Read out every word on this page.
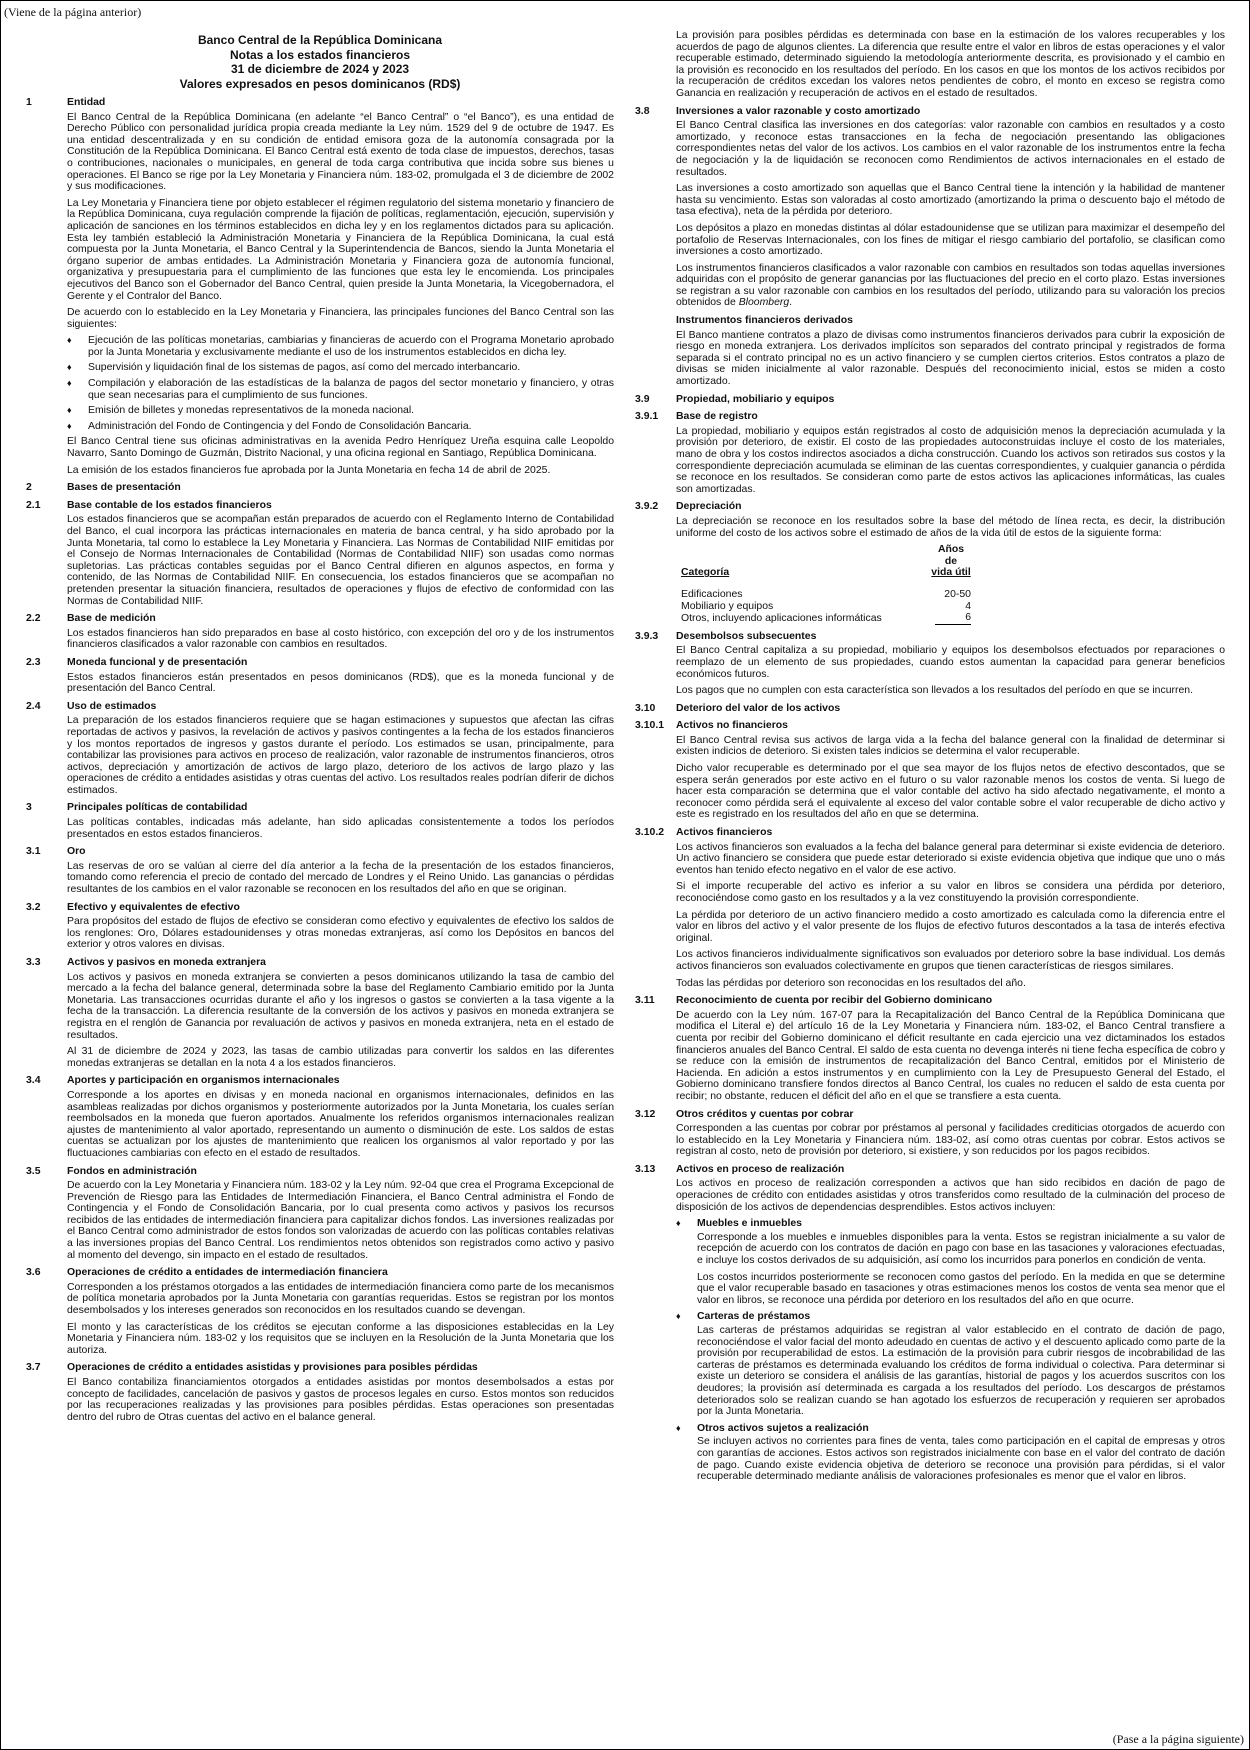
(Viene de la página anterior)
(Pase a la página siguiente)
Banco Central de la República Dominicana
Notas a los estados financieros
31 de diciembre de 2024 y 2023
Valores expresados en pesos dominicanos (RD$)
1	Entidad
El Banco Central de la República Dominicana (en adelante “el Banco Central” o “el Banco”), es una entidad de Derecho Público con personalidad jurídica propia creada mediante la Ley núm. 1529 del 9 de octubre de 1947. Es una entidad descentralizada y en su condición de entidad emisora goza de la autonomía consagrada por la Constitución de la República Dominicana. El Banco Central está exento de toda clase de impuestos, derechos, tasas o contribuciones, nacionales o municipales, en general de toda carga contributiva que incida sobre sus bienes u operaciones. El Banco se rige por la Ley Monetaria y Financiera núm. 183-02, promulgada el 3 de diciembre de 2002 y sus modificaciones.
La Ley Monetaria y Financiera tiene por objeto establecer el régimen regulatorio del sistema monetario y financiero de la República Dominicana, cuya regulación comprende la fijación de políticas, reglamentación, ejecución, supervisión y aplicación de sanciones en los términos establecidos en dicha ley y en los reglamentos dictados para su aplicación. Esta ley también estableció la Administración Monetaria y Financiera de la República Dominicana, la cual está compuesta por la Junta Monetaria, el Banco Central y la Superintendencia de Bancos, siendo la Junta Monetaria el órgano superior de ambas entidades. La Administración Monetaria y Financiera goza de autonomía funcional, organizativa y presupuestaria para el cumplimiento de las funciones que esta ley le encomienda. Los principales ejecutivos del Banco son el Gobernador del Banco Central, quien preside la Junta Monetaria, la Vicegobernadora, el Gerente y el Contralor del Banco.
De acuerdo con lo establecido en la Ley Monetaria y Financiera, las principales funciones del Banco Central son las siguientes:
♦	Ejecución de las políticas monetarias, cambiarias y financieras de acuerdo con el Programa Monetario aprobado por la Junta Monetaria y exclusivamente mediante el uso de los instrumentos establecidos en dicha ley.
♦	Supervisión y liquidación final de los sistemas de pagos, así como del mercado interbancario.
♦	Compilación y elaboración de las estadísticas de la balanza de pagos del sector monetario y financiero, y otras que sean necesarias para el cumplimiento de sus funciones.
♦	Emisión de billetes y monedas representativos de la moneda nacional.
♦	Administración del Fondo de Contingencia y del Fondo de Consolidación Bancaria.
El Banco Central tiene sus oficinas administrativas en la avenida Pedro Henríquez Ureña esquina calle Leopoldo Navarro, Santo Domingo de Guzmán, Distrito Nacional, y una oficina regional en Santiago, República Dominicana.
La emisión de los estados financieros fue aprobada por la Junta Monetaria en fecha 14 de abril de 2025.
2	Bases de presentación
2.1	Base contable de los estados financieros
Los estados financieros que se acompañan están preparados de acuerdo con el Reglamento Interno de Contabilidad del Banco, el cual incorpora las prácticas internacionales en materia de banca central, y ha sido aprobado por la Junta Monetaria, tal como lo establece la Ley Monetaria y Financiera. Las Normas de Contabilidad NIIF emitidas por el Consejo de Normas Internacionales de Contabilidad (Normas de Contabilidad NIIF) son usadas como normas supletorias. Las prácticas contables seguidas por el Banco Central difieren en algunos aspectos, en forma y contenido, de las Normas de Contabilidad NIIF. En consecuencia, los estados financieros que se acompañan no pretenden presentar la situación financiera, resultados de operaciones y flujos de efectivo de conformidad con las Normas de Contabilidad NIIF.
2.2	Base de medición
Los estados financieros han sido preparados en base al costo histórico, con excepción del oro y de los instrumentos financieros clasificados a valor razonable con cambios en resultados.
2.3	Moneda funcional y de presentación
Estos estados financieros están presentados en pesos dominicanos (RD$), que es la moneda funcional y de presentación del Banco Central.
2.4	Uso de estimados
La preparación de los estados financieros requiere que se hagan estimaciones y supuestos que afectan las cifras reportadas de activos y pasivos, la revelación de activos y pasivos contingentes a la fecha de los estados financieros y los montos reportados de ingresos y gastos durante el período. Los estimados se usan, principalmente, para contabilizar las provisiones para activos en proceso de realización, valor razonable de instrumentos financieros, otros activos, depreciación y amortización de activos de largo plazo, deterioro de los activos de largo plazo y las operaciones de crédito a entidades asistidas y otras cuentas del activo. Los resultados reales podrían diferir de dichos estimados.
3	Principales políticas de contabilidad
Las políticas contables, indicadas más adelante, han sido aplicadas consistentemente a todos los períodos presentados en estos estados financieros.
3.1	Oro
Las reservas de oro se valúan al cierre del día anterior a la fecha de la presentación de los estados financieros, tomando como referencia el precio de contado del mercado de Londres y el Reino Unido. Las ganancias o pérdidas resultantes de los cambios en el valor razonable se reconocen en los resultados del año en que se originan.
3.2	Efectivo y equivalentes de efectivo
Para propósitos del estado de flujos de efectivo se consideran como efectivo y equivalentes de efectivo los saldos de los renglones: Oro, Dólares estadounidenses y otras monedas extranjeras, así como los Depósitos en bancos del exterior y otros valores en divisas.
3.3	Activos y pasivos en moneda extranjera
Los activos y pasivos en moneda extranjera se convierten a pesos dominicanos utilizando la tasa de cambio del mercado a la fecha del balance general, determinada sobre la base del Reglamento Cambiario emitido por la Junta Monetaria. Las transacciones ocurridas durante el año y los ingresos o gastos se convierten a la tasa vigente a la fecha de la transacción. La diferencia resultante de la conversión de los activos y pasivos en moneda extranjera se registra en el renglón de Ganancia por revaluación de activos y pasivos en moneda extranjera, neta en el estado de resultados.
Al 31 de diciembre de 2024 y 2023, las tasas de cambio utilizadas para convertir los saldos en las diferentes monedas extranjeras se detallan en la nota 4 a los estados financieros.
3.4	Aportes y participación en organismos internacionales
Corresponde a los aportes en divisas y en moneda nacional en organismos internacionales, definidos en las asambleas realizadas por dichos organismos y posteriormente autorizados por la Junta Monetaria, los cuales serían reembolsados en la moneda que fueron aportados. Anualmente los referidos organismos internacionales realizan ajustes de mantenimiento al valor aportado, representando un aumento o disminución de este. Los saldos de estas cuentas se actualizan por los ajustes de mantenimiento que realicen los organismos al valor reportado y por las fluctuaciones cambiarias con efecto en el estado de resultados.
3.5	Fondos en administración
De acuerdo con la Ley Monetaria y Financiera núm. 183-02 y la Ley núm. 92-04 que crea el Programa Excepcional de Prevención de Riesgo para las Entidades de Intermediación Financiera, el Banco Central administra el Fondo de Contingencia y el Fondo de Consolidación Bancaria, por lo cual presenta como activos y pasivos los recursos recibidos de las entidades de intermediación financiera para capitalizar dichos fondos. Las inversiones realizadas por el Banco Central como administrador de estos fondos son valorizadas de acuerdo con las políticas contables relativas a las inversiones propias del Banco Central. Los rendimientos netos obtenidos son registrados como activo y pasivo al momento del devengo, sin impacto en el estado de resultados.
3.6	Operaciones de crédito a entidades de intermediación financiera
Corresponden a los préstamos otorgados a las entidades de intermediación financiera como parte de los mecanismos de política monetaria aprobados por la Junta Monetaria con garantías requeridas. Estos se registran por los montos desembolsados y los intereses generados son reconocidos en los resultados cuando se devengan.
El monto y las características de los créditos se ejecutan conforme a las disposiciones establecidas en la Ley Monetaria y Financiera núm. 183-02 y los requisitos que se incluyen en la Resolución de la Junta Monetaria que los autoriza.
3.7	Operaciones de crédito a entidades asistidas y provisiones para posibles pérdidas
El Banco contabiliza financiamientos otorgados a entidades asistidas por montos desembolsados a estas por concepto de facilidades, cancelación de pasivos y gastos de procesos legales en curso. Estos montos son reducidos por las recuperaciones realizadas y las provisiones para posibles pérdidas. Estas operaciones son presentadas dentro del rubro de Otras cuentas del activo en el balance general.
La provisión para posibles pérdidas es determinada con base en la estimación de los valores recuperables y los acuerdos de pago de algunos clientes. La diferencia que resulte entre el valor en libros de estas operaciones y el valor recuperable estimado, determinado siguiendo la metodología anteriormente descrita, es provisionado y el cambio en la provisión es reconocido en los resultados del período. En los casos en que los montos de los activos recibidos por la recuperación de créditos excedan los valores netos pendientes de cobro, el monto en exceso se registra como Ganancia en realización y recuperación de activos en el estado de resultados.
3.8	Inversiones a valor razonable y costo amortizado
El Banco Central clasifica las inversiones en dos categorías: valor razonable con cambios en resultados y a costo amortizado, y reconoce estas transacciones en la fecha de negociación presentando las obligaciones correspondientes netas del valor de los activos. Los cambios en el valor razonable de los instrumentos entre la fecha de negociación y la de liquidación se reconocen como Rendimientos de activos internacionales en el estado de resultados.
Las inversiones a costo amortizado son aquellas que el Banco Central tiene la intención y la habilidad de mantener hasta su vencimiento. Estas son valoradas al costo amortizado (amortizando la prima o descuento bajo el método de tasa efectiva), neta de la pérdida por deterioro.
Los depósitos a plazo en monedas distintas al dólar estadounidense que se utilizan para maximizar el desempeño del portafolio de Reservas Internacionales, con los fines de mitigar el riesgo cambiario del portafolio, se clasifican como inversiones a costo amortizado.
Los instrumentos financieros clasificados a valor razonable con cambios en resultados son todas aquellas inversiones adquiridas con el propósito de generar ganancias por las fluctuaciones del precio en el corto plazo. Estas inversiones se registran a su valor razonable con cambios en los resultados del período, utilizando para su valoración los precios obtenidos de Bloomberg.
Instrumentos financieros derivados
El Banco mantiene contratos a plazo de divisas como instrumentos financieros derivados para cubrir la exposición de riesgo en moneda extranjera. Los derivados implícitos son separados del contrato principal y registrados de forma separada si el contrato principal no es un activo financiero y se cumplen ciertos criterios. Estos contratos a plazo de divisas se miden inicialmente al valor razonable. Después del reconocimiento inicial, estos se miden a costo amortizado.
3.9	Propiedad, mobiliario y equipos
3.9.1	Base de registro
La propiedad, mobiliario y equipos están registrados al costo de adquisición menos la depreciación acumulada y la provisión por deterioro, de existir. El costo de las propiedades autoconstruidas incluye el costo de los materiales, mano de obra y los costos indirectos asociados a dicha construcción. Cuando los activos son retirados sus costos y la correspondiente depreciación acumulada se eliminan de las cuentas correspondientes, y cualquier ganancia o pérdida se reconoce en los resultados. Se consideran como parte de estos activos las aplicaciones informáticas, las cuales son amortizadas.
3.9.2	Depreciación
La depreciación se reconoce en los resultados sobre la base del método de línea recta, es decir, la distribución uniforme del costo de los activos sobre el estimado de años de la vida útil de estos de la siguiente forma:

	Años de

Categoría	vida útil

Edificaciones	20-50
Mobiliario y equipos	4
Otros, incluyendo aplicaciones informáticas	6
3.9.3	Desembolsos subsecuentes
El Banco Central capitaliza a su propiedad, mobiliario y equipos los desembolsos efectuados por reparaciones o reemplazo de un elemento de sus propiedades, cuando estos aumentan la capacidad para generar beneficios económicos futuros.
Los pagos que no cumplen con esta característica son llevados a los resultados del período en que se incurren.
3.10	Deterioro del valor de los activos
3.10.1	Activos no financieros
El Banco Central revisa sus activos de larga vida a la fecha del balance general con la finalidad de determinar si existen indicios de deterioro. Si existen tales indicios se determina el valor recuperable.
Dicho valor recuperable es determinado por el que sea mayor de los flujos netos de efectivo descontados, que se espera serán generados por este activo en el futuro o su valor razonable menos los costos de venta. Si luego de hacer esta comparación se determina que el valor contable del activo ha sido afectado negativamente, el monto a reconocer como pérdida será el equivalente al exceso del valor contable sobre el valor recuperable de dicho activo y este es registrado en los resultados del año en que se determina.
3.10.2	Activos financieros
Los activos financieros son evaluados a la fecha del balance general para determinar si existe evidencia de deterioro. Un activo financiero se considera que puede estar deteriorado si existe evidencia objetiva que indique que uno o más eventos han tenido efecto negativo en el valor de ese activo.
Si el importe recuperable del activo es inferior a su valor en libros se considera una pérdida por deterioro, reconociéndose como gasto en los resultados y a la vez constituyendo la provisión correspondiente.
La pérdida por deterioro de un activo financiero medido a costo amortizado es calculada como la diferencia entre el valor en libros del activo y el valor presente de los flujos de efectivo futuros descontados a la tasa de interés efectiva original.
Los activos financieros individualmente significativos son evaluados por deterioro sobre la base individual. Los demás activos financieros son evaluados colectivamente en grupos que tienen características de riesgos similares.
Todas las pérdidas por deterioro son reconocidas en los resultados del año.
3.11	Reconocimiento de cuenta por recibir del Gobierno dominicano
De acuerdo con la Ley núm. 167-07 para la Recapitalización del Banco Central de la República Dominicana que modifica el Literal e) del artículo 16 de la Ley Monetaria y Financiera núm. 183-02, el Banco Central transfiere a cuenta por recibir del Gobierno dominicano el déficit resultante en cada ejercicio una vez dictaminados los estados financieros anuales del Banco Central. El saldo de esta cuenta no devenga interés ni tiene fecha específica de cobro y se reduce con la emisión de instrumentos de recapitalización del Banco Central, emitidos por el Ministerio de Hacienda. En adición a estos instrumentos y en cumplimiento con la Ley de Presupuesto General del Estado, el Gobierno dominicano transfiere fondos directos al Banco Central, los cuales no reducen el saldo de esta cuenta por recibir; no obstante, reducen el déficit del año en el que se transfiere a esta cuenta.
3.12	Otros créditos y cuentas por cobrar
Corresponden a las cuentas por cobrar por préstamos al personal y facilidades crediticias otorgados de acuerdo con lo establecido en la Ley Monetaria y Financiera núm. 183-02, así como otras cuentas por cobrar. Estos activos se registran al costo, neto de provisión por deterioro, si existiere, y son reducidos por los pagos recibidos.
3.13	Activos en proceso de realización
Los activos en proceso de realización corresponden a activos que han sido recibidos en dación de pago de operaciones de crédito con entidades asistidas y otros transferidos como resultado de la culminación del proceso de disposición de los activos de dependencias desprendibles. Estos activos incluyen:
♦	Muebles e inmuebles
Corresponde a los muebles e inmuebles disponibles para la venta. Estos se registran inicialmente a su valor de recepción de acuerdo con los contratos de dación en pago con base en las tasaciones y valoraciones efectuadas, e incluye los costos derivados de su adquisición, así como los incurridos para ponerlos en condición de venta.
Los costos incurridos posteriormente se reconocen como gastos del período. En la medida en que se determine que el valor recuperable basado en tasaciones y otras estimaciones menos los costos de venta sea menor que el valor en libros, se reconoce una pérdida por deterioro en los resultados del año en que ocurre.
♦	Carteras de préstamos
Las carteras de préstamos adquiridas se registran al valor establecido en el contrato de dación de pago, reconociéndose el valor facial del monto adeudado en cuentas de activo y el descuento aplicado como parte de la provisión por recuperabilidad de estos. La estimación de la provisión para cubrir riesgos de incobrabilidad de las carteras de préstamos es determinada evaluando los créditos de forma individual o colectiva. Para determinar si existe un deterioro se considera el análisis de las garantías, historial de pagos y los acuerdos suscritos con los deudores; la provisión así determinada es cargada a los resultados del período. Los descargos de préstamos deteriorados solo se realizan cuando se han agotado los esfuerzos de recuperación y requieren ser aprobados por la Junta Monetaria.
♦	Otros activos sujetos a realización
Se incluyen activos no corrientes para fines de venta, tales como participación en el capital de empresas y otros con garantías de acciones. Estos activos son registrados inicialmente con base en el valor del contrato de dación de pago. Cuando existe evidencia objetiva de deterioro se reconoce una provisión para pérdidas, si el valor recuperable determinado mediante análisis de valoraciones profesionales es menor que el valor en libros.
